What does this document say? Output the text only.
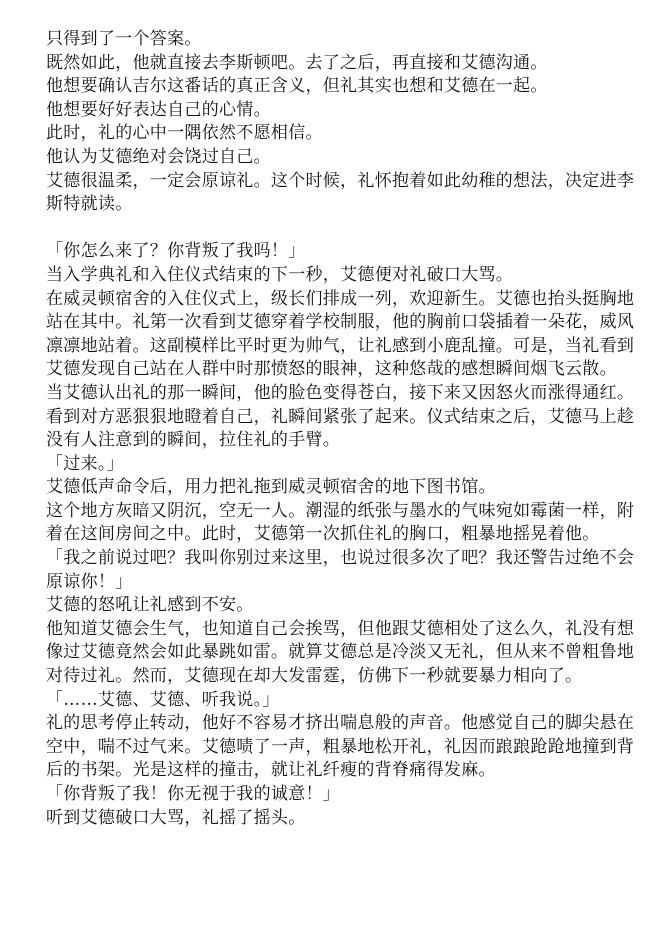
只得到了一个答案。

既然如此，他就直接去李斯顿吧。去了之后，再直接和艾德沟通。

他想要确认吉尔这番话的真正含义，但礼其实也想和艾德在一起。

他想要好好表达自己的心情。

此时，礼的心中一隅依然不愿相信。

他认为艾德绝对会饶过自己。

艾德很温柔，一定会原谅礼。这个时候，礼怀抱着如此幼稚的想法，决定进李斯特就读。

「你怎么来了？你背叛了我吗！」

当入学典礼和入住仪式结束的下一秒，艾德便对礼破口大骂。

在威灵顿宿舍的入住仪式上，级长们排成一列，欢迎新生。艾德也抬头挺胸地站在其中。礼第一次看到艾德穿着学校制服，他的胸前口袋插着一朵花，威风凛凛地站着。这副模样比平时更为帅气，让礼感到小鹿乱撞。可是，当礼看到艾德发现自己站在人群中时那愤怒的眼神，这种悠哉的感想瞬间烟飞云散。

当艾德认出礼的那一瞬间，他的脸色变得苍白，接下来又因怒火而涨得通红。看到对方恶狠狠地瞪着自己，礼瞬间紧张了起来。仪式结束之后，艾德马上趁没有人注意到的瞬间，拉住礼的手臂。

「过来。」

艾德低声命令后，用力把礼拖到威灵顿宿舍的地下图书馆。

这个地方灰暗又阴沉，空无一人。潮湿的纸张与墨水的气味宛如霉菌一样，附着在这间房间之中。此时，艾德第一次抓住礼的胸口，粗暴地摇晃着他。

「我之前说过吧？我叫你别过来这里，也说过很多次了吧？我还警告过绝不会原谅你！」

艾德的怒吼让礼感到不安。

他知道艾德会生气，也知道自己会挨骂，但他跟艾德相处了这么久，礼没有想像过艾德竟然会如此暴跳如雷。就算艾德总是冷淡又无礼，但从来不曾粗鲁地对待过礼。然而，艾德现在却大发雷霆，仿佛下一秒就要暴力相向了。

「……艾德、艾德、听我说。」

礼的思考停止转动，他好不容易才挤出喘息般的声音。他感觉自己的脚尖悬在空中，喘不过气来。艾德啧了一声，粗暴地松开礼，礼因而踉踉跄跄地撞到背后的书架。光是这样的撞击，就让礼纤瘦的背脊痛得发麻。

「你背叛了我！你无视于我的诚意！」

听到艾德破口大骂，礼摇了摇头。
